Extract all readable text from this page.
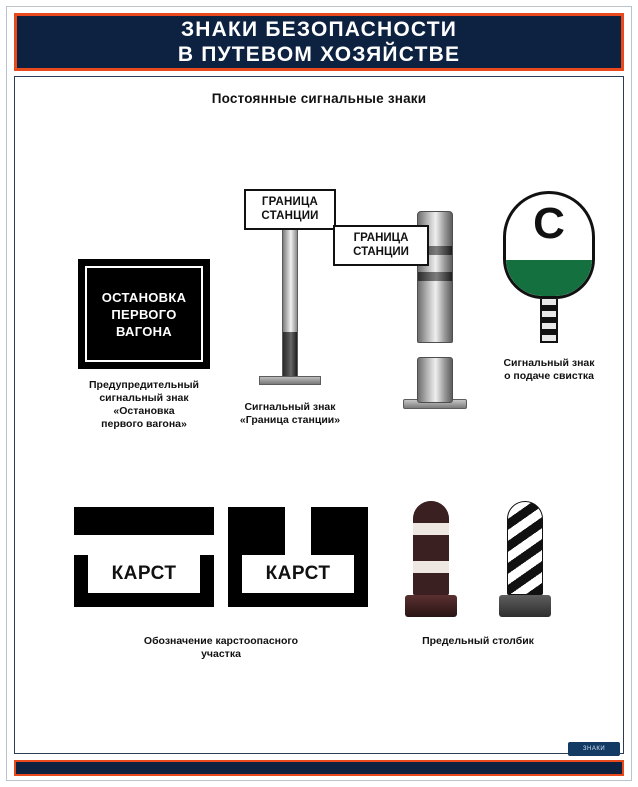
ЗНАКИ БЕЗОПАСНОСТИ
В ПУТЕВОМ ХОЗЯЙСТВЕ
Постоянные сигнальные знаки
ОСТАНОВКА
ПЕРВОГО
ВАГОНА
Предупредительный
сигнальный знак
«Остановка
первого вагона»
ГРАНИЦА
СТАНЦИИ
Сигнальный знак
«Граница станции»
ГРАНИЦА
СТАНЦИИ
С
Сигнальный знак
о подаче свистка
КАРСТ	КАРСТ
Обозначение карстоопасного
участка
Предельный столбик
ЗНАКИ
